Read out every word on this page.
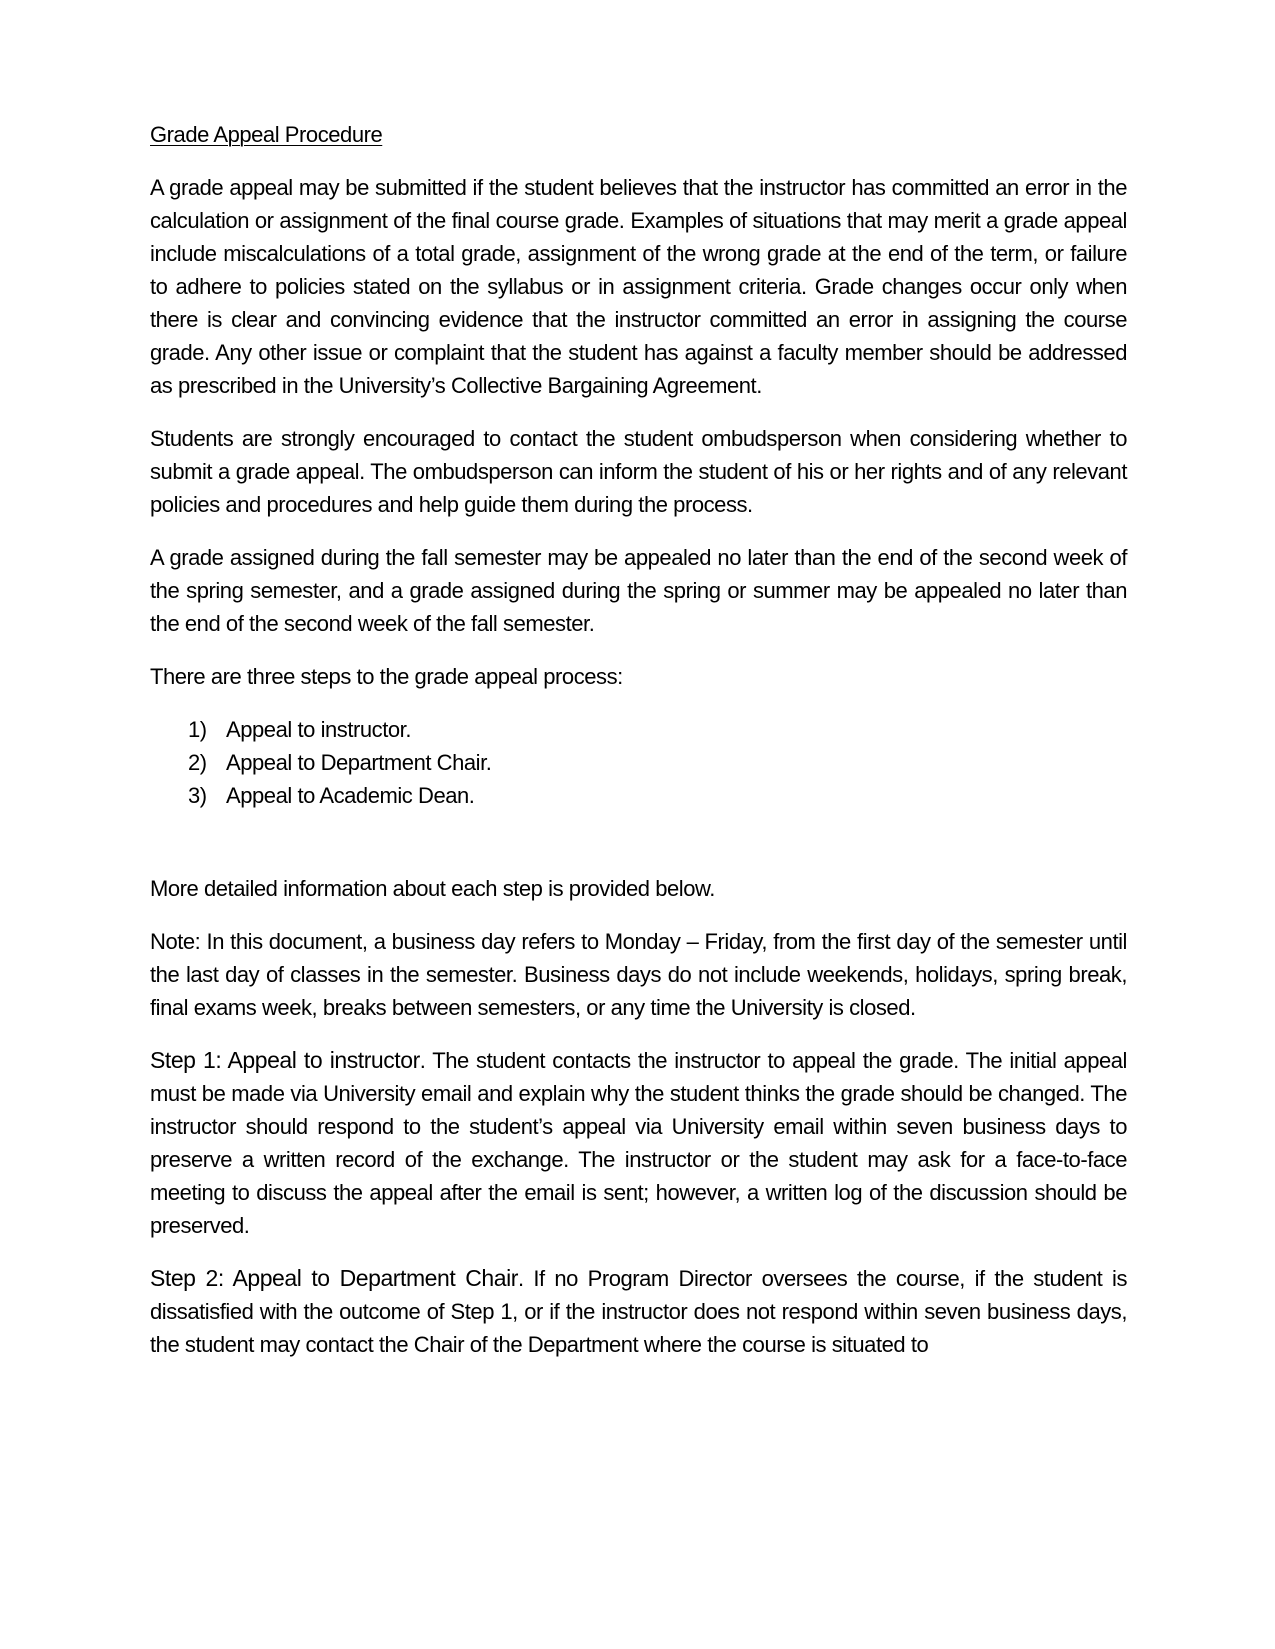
Grade Appeal Procedure

A grade appeal may be submitted if the student believes that the instructor has committed an error in the calculation or assignment of the final course grade. Examples of situations that may merit a grade appeal include miscalculations of a total grade, assignment of the wrong grade at the end of the term, or failure to adhere to policies stated on the syllabus or in assignment criteria. Grade changes occur only when there is clear and convincing evidence that the instructor committed an error in assigning the course grade. Any other issue or complaint that the student has against a faculty member should be addressed as prescribed in the University’s Collective Bargaining Agreement.

Students are strongly encouraged to contact the student ombudsperson when considering whether to submit a grade appeal. The ombudsperson can inform the student of his or her rights and of any relevant policies and procedures and help guide them during the process.

A grade assigned during the fall semester may be appealed no later than the end of the second week of the spring semester, and a grade assigned during the spring or summer may be appealed no later than the end of the second week of the fall semester.

There are three steps to the grade appeal process:

1) Appeal to instructor.
2) Appeal to Department Chair.
3) Appeal to Academic Dean.

More detailed information about each step is provided below.

Note: In this document, a business day refers to Monday – Friday, from the first day of the semester until the last day of classes in the semester. Business days do not include weekends, holidays, spring break, final exams week, breaks between semesters, or any time the University is closed.

Step 1: Appeal to instructor. The student contacts the instructor to appeal the grade. The initial appeal must be made via University email and explain why the student thinks the grade should be changed. The instructor should respond to the student’s appeal via University email within seven business days to preserve a written record of the exchange. The instructor or the student may ask for a face-to-face meeting to discuss the appeal after the email is sent; however, a written log of the discussion should be preserved.

Step 2: Appeal to Department Chair. If no Program Director oversees the course, if the student is dissatisfied with the outcome of Step 1, or if the instructor does not respond within seven business days, the student may contact the Chair of the Department where the course is situated to
